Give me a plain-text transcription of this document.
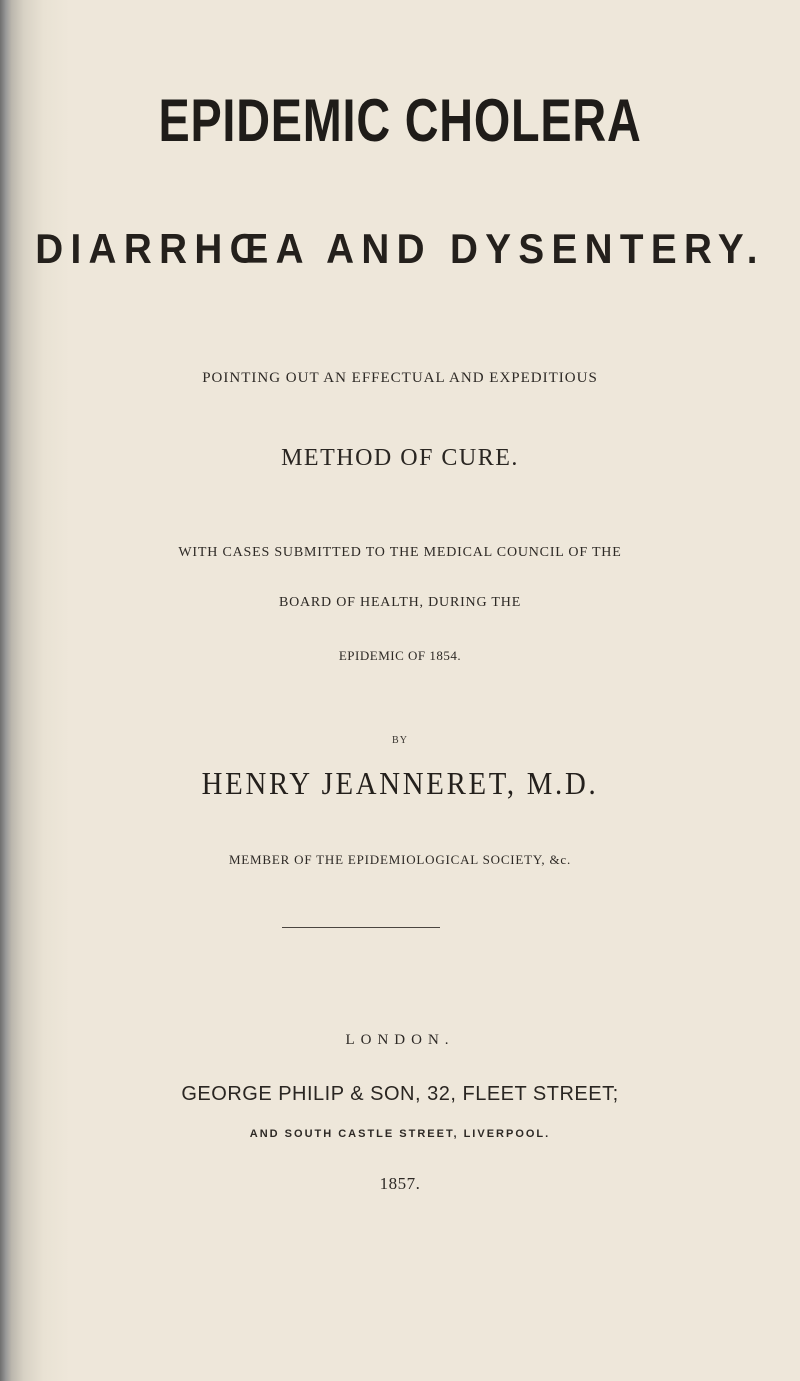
EPIDEMIC CHOLERA
DIARRHŒA AND DYSENTERY.
POINTING OUT AN EFFECTUAL AND EXPEDITIOUS
METHOD OF CURE.
WITH CASES SUBMITTED TO THE MEDICAL COUNCIL OF THE
BOARD OF HEALTH, DURING THE
EPIDEMIC OF 1854.
BY
HENRY JEANNERET, M.D.
MEMBER OF THE EPIDEMIOLOGICAL SOCIETY, &c.
LONDON.
GEORGE PHILIP & SON, 32, FLEET STREET;
AND SOUTH CASTLE STREET, LIVERPOOL.
1857.
